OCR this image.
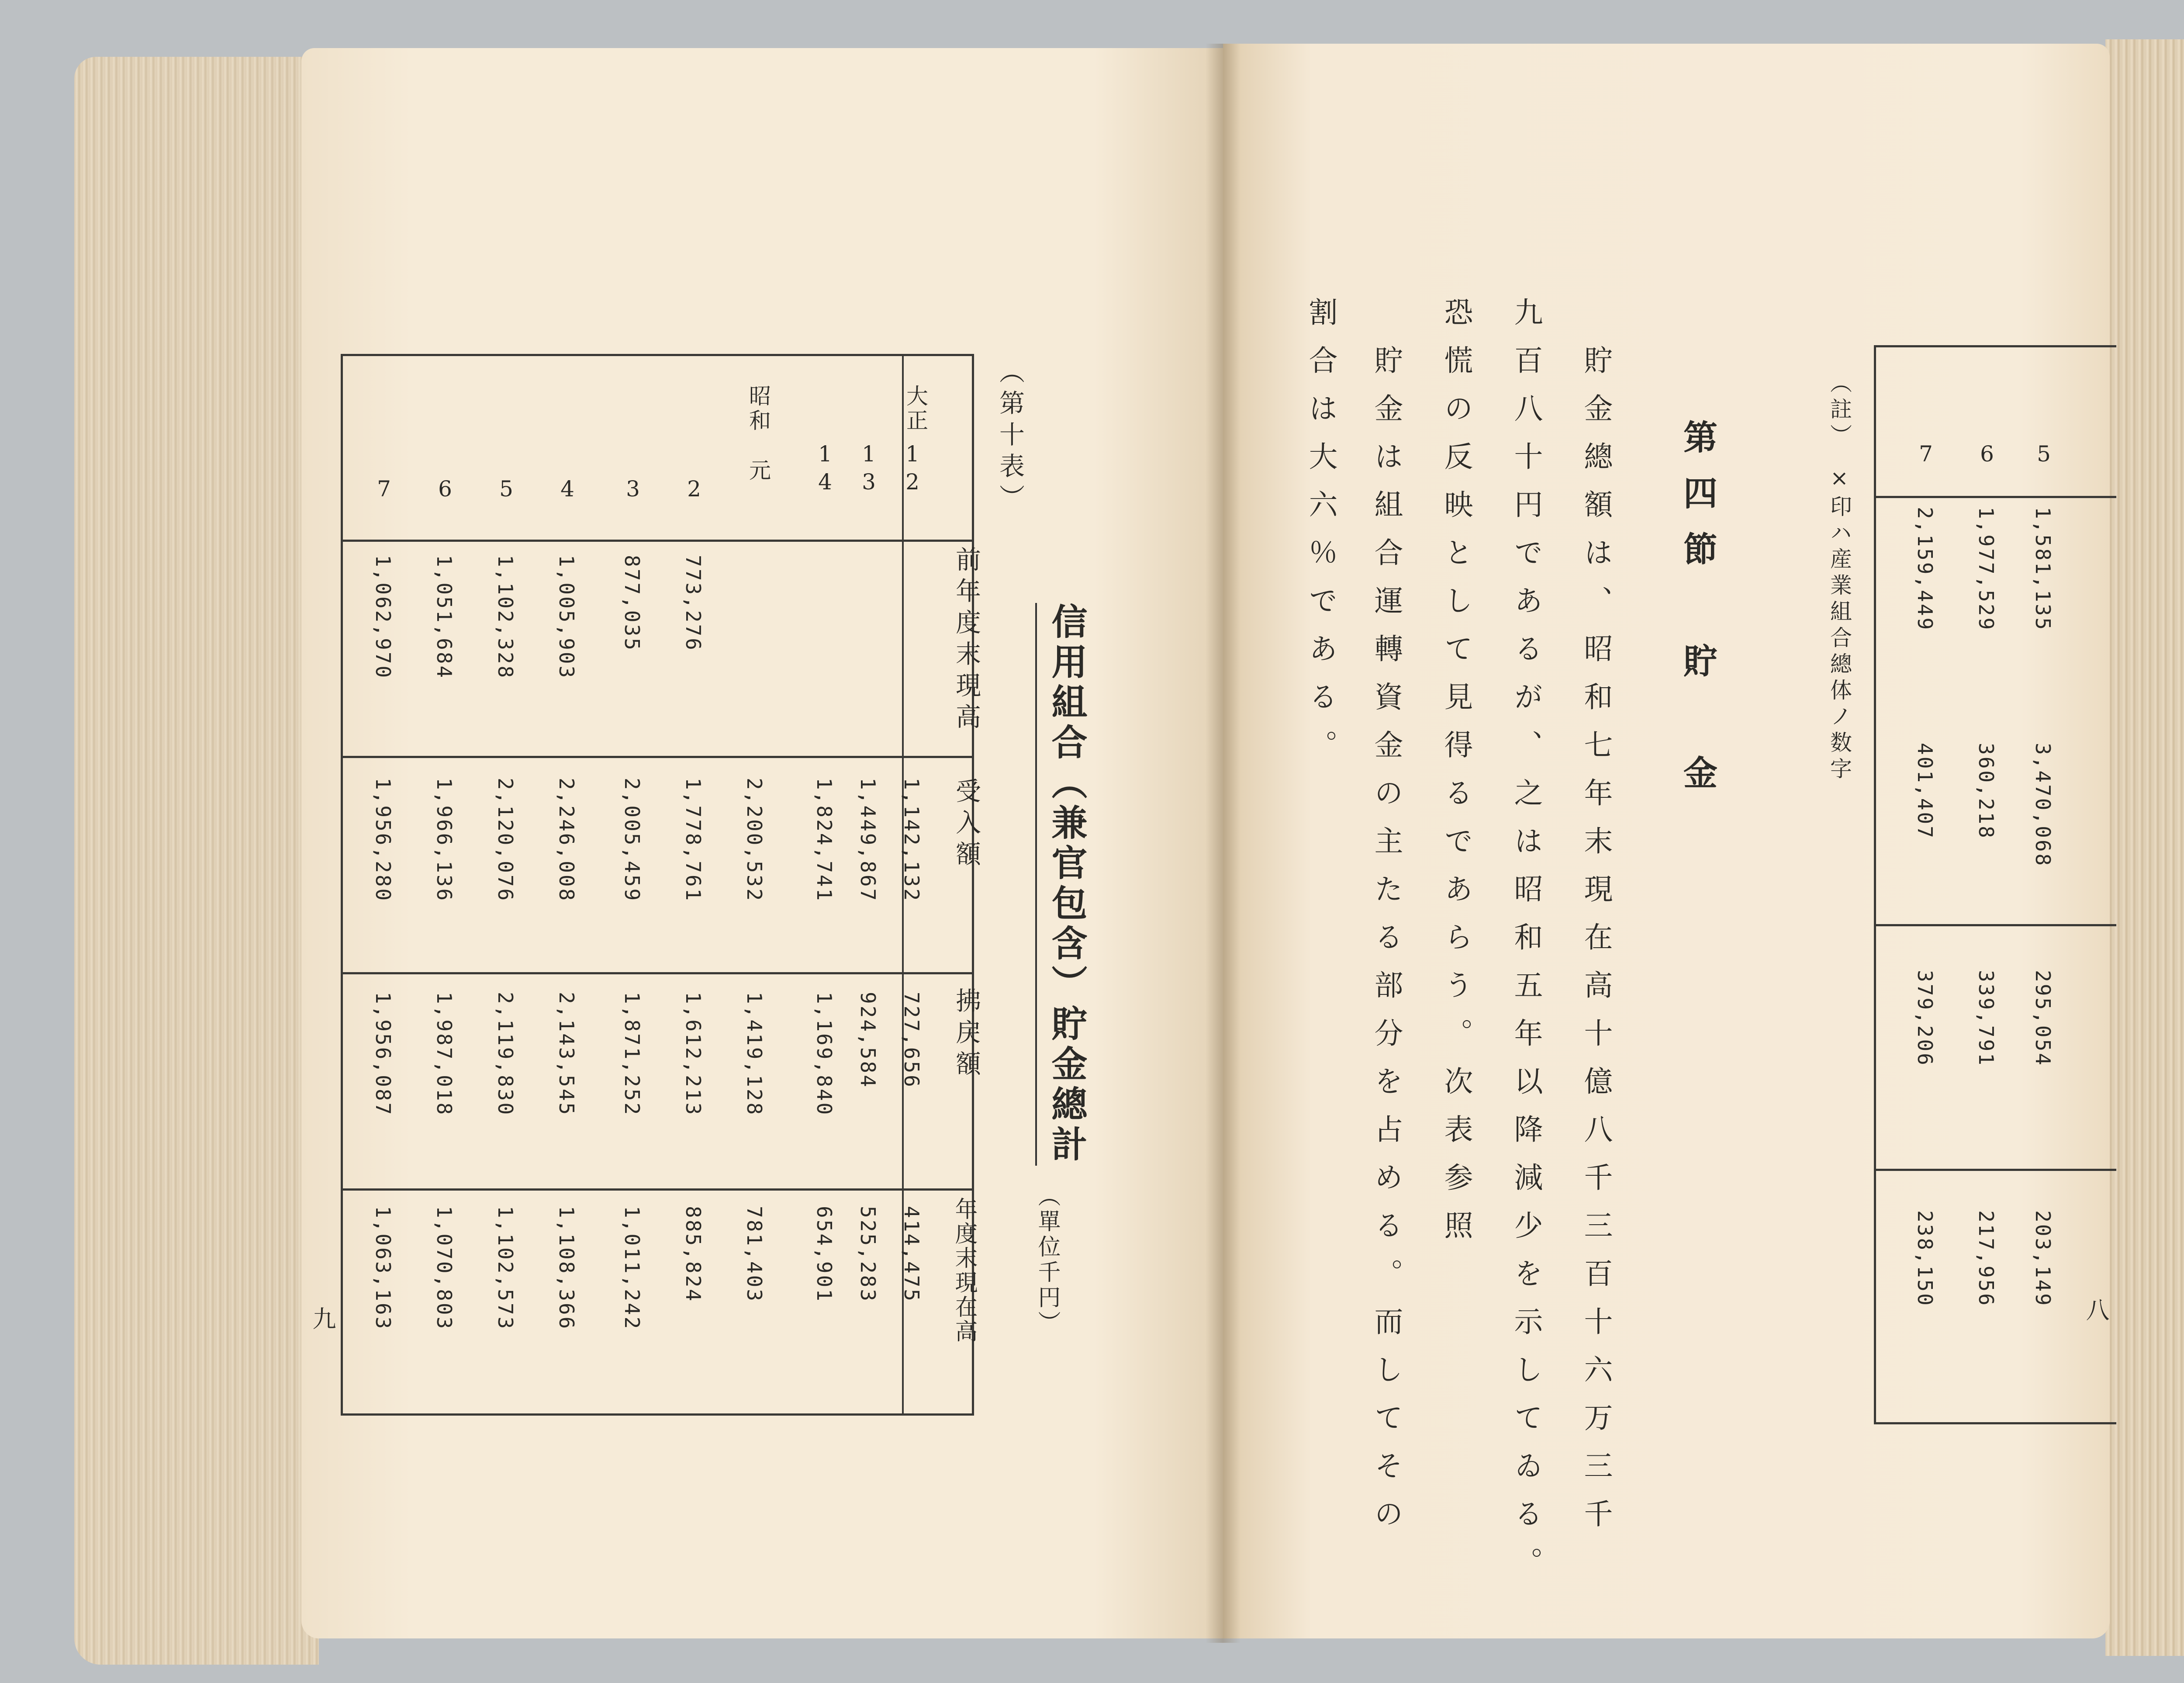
（第十表）
信用組合（兼官包含）貯金總計
（單位千円）
前年度末現高
受入額
拂戻額
年度末現在高
大正
昭和
12
13
14
元
2
3
4
5
6
7
773,276
877,035
1,005,903
1,102,328
1,051,684
1,062,970
1,142,132
1,449,867
1,824,741
2,200,532
1,778,761
2,005,459
2,246,008
2,120,076
1,966,136
1,956,280
727,656
924,584
1,169,840
1,419,128
1,612,213
1,871,252
2,143,545
2,119,830
1,987,018
1,956,087
414,475
525,283
654,901
781,403
885,824
1,011,242
1,108,366
1,102,573
1,070,803
1,063,163
九
5
6
7
1,581,135
1,977,529
2,159,449
3,470,068
360,218
401,407
295,054
339,791
379,206
203,149
217,956
238,150
（註）　×印ハ産業組合總体ノ数字
第四節　貯　金
貯金總額は、昭和七年末現在高十億八千三百十六万三千
九百八十円であるが、之は昭和五年以降減少を示してゐる。
恐慌の反映として見得るであらう。次表参照
貯金は組合運轉資金の主たる部分を占める。而してその
割合は大六％である。
八
